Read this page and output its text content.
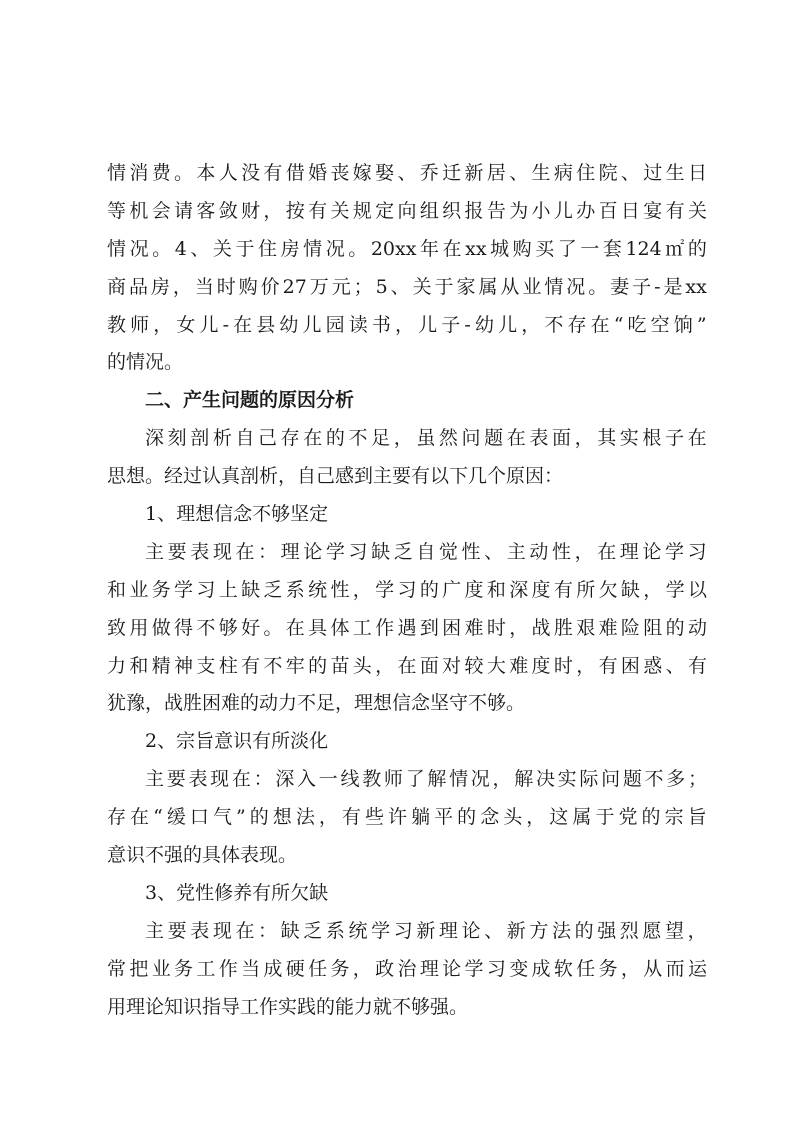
情 消 费 。 本 人 没 有 借 婚 丧 嫁 娶 、 乔 迁 新 居 、 生 病 住 院 、 过 生 日
等 机 会 请 客 敛 财 ， 按 有 关 规 定 向 组 织 报 告 为 小 儿 办 百 日 宴 有 关
情 况 。 4 、 关 于 住 房 情 况 。 20xx 年 在 xx 城 购 买 了 一 套 124 ㎡ 的
商 品 房 ， 当 时 购 价 27 万 元 ； 5 、 关 于 家 属 从 业 情 况 。 妻 子 - 是 xx
教 师 ， 女 儿 - 在 县 幼 儿 园 读 书 ， 儿 子 - 幼 儿 ， 不 存 在 “ 吃 空 饷 ”
的情况。
二、产生问题的原因分析
深 刻 剖 析 自 己 存 在 的 不 足 ， 虽 然 问 题 在 表 面 ， 其 实 根 子 在
思想。经过认真剖析，自己感到主要有以下几个原因：
1、理想信念不够坚定
主 要 表 现 在 ： 理 论 学 习 缺 乏 自 觉 性 、 主 动 性 ， 在 理 论 学 习
和 业 务 学 习 上 缺 乏 系 统 性 ， 学 习 的 广 度 和 深 度 有 所 欠 缺 ， 学 以
致 用 做 得 不 够 好 。 在 具 体 工 作 遇 到 困 难 时 ， 战 胜 艰 难 险 阻 的 动
力 和 精 神 支 柱 有 不 牢 的 苗 头 ， 在 面 对 较 大 难 度 时 ， 有 困 惑 、 有
犹豫，战胜困难的动力不足，理想信念坚守不够。
2、宗旨意识有所淡化
主 要 表 现 在 ： 深 入 一 线 教 师 了 解 情 况 ， 解 决 实 际 问 题 不 多 ；
存 在 “ 缓 口 气 ” 的 想 法 ， 有 些 许 躺 平 的 念 头 ， 这 属 于 党 的 宗 旨
意识不强的具体表现。
3、党性修养有所欠缺
主 要 表 现 在 ： 缺 乏 系 统 学 习 新 理 论 、 新 方 法 的 强 烈 愿 望 ，
常 把 业 务 工 作 当 成 硬 任 务 ， 政 治 理 论 学 习 变 成 软 任 务 ， 从 而 运
用理论知识指导工作实践的能力就不够强。
